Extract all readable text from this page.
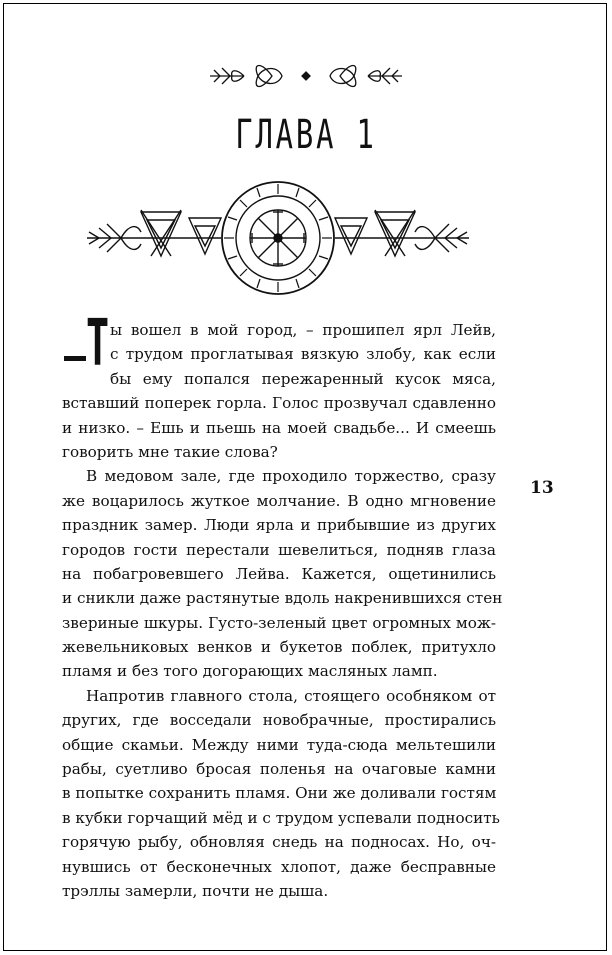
ГЛАВА 1
Т ы вошел в мой город, – прошипел ярл Лейв,
с трудом проглатывая вязкую злобу, как если
бы ему попался пережаренный кусок мяса,
вставший поперек горла. Голос прозвучал сдавленно
и низко. – Ешь и пьешь на моей свадьбе... И смеешь
говорить мне такие слова?
В медовом зале, где проходило торжество, сразу
же воцарилось жуткое молчание. В одно мгновение
праздник замер. Люди ярла и прибывшие из других
городов гости перестали шевелиться, подняв глаза
на побагровевшего Лейва. Кажется, ощетинились
и сникли даже растянутые вдоль накренившихся стен
звериные шкуры. Густо-зеленый цвет огромных мож-
жевельниковых венков и букетов поблек, притухло
пламя и без того догорающих масляных ламп.
Напротив главного стола, стоящего особняком от
других, где восседали новобрачные, простирались
общие скамьи. Между ними туда-сюда мельтешили
рабы, суетливо бросая поленья на очаговые камни
в попытке сохранить пламя. Они же доливали гостям
в кубки горчащий мёд и с трудом успевали подносить
горячую рыбу, обновляя снедь на подносах. Но, оч-
нувшись от бесконечных хлопот, даже бесправные
трэллы замерли, почти не дыша.
13
